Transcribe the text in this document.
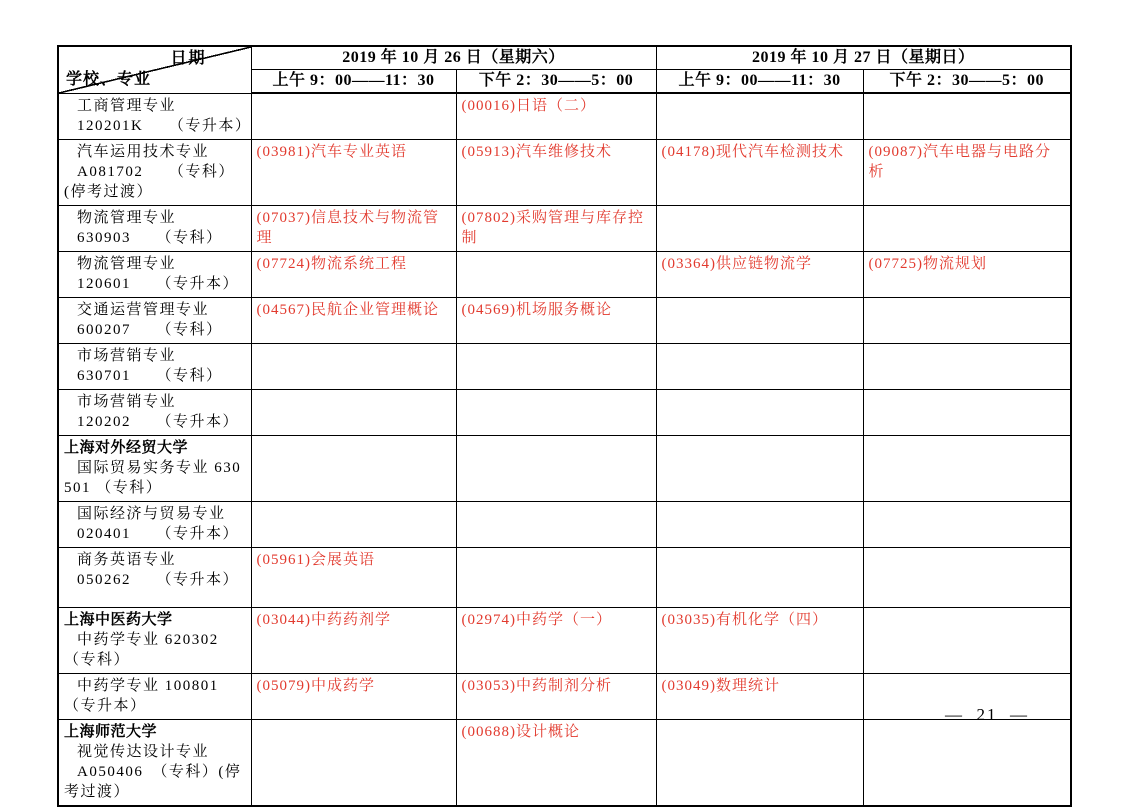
日期
学校、专业	2019 年 10 月 26 日（星期六）		2019 年 10 月 27 日（星期日）	
	上午 9：00——11：30	下午 2：30——5：00	上午 9：00——11：30	下午 2：30——5：00

工商管理专业

120201K　　（专升本）		(00016)日语（二）		

汽车运用技术专业

A081702　　（专科）(停考过渡）	(03981)汽车专业英语	(05913)汽车维修技术	(04178)现代汽车检测技术	(09087)汽车电器与电路分析

物流管理专业

630903　　（专科）	(07037)信息技术与物流管理	(07802)采购管理与库存控制		

物流管理专业

120601　　（专升本）	(07724)物流系统工程		(03364)供应链物流学	(07725)物流规划

交通运营管理专业

600207　　（专科）	(04567)民航企业管理概论	(04569)机场服务概论		

市场营销专业

630701　　（专科）				

市场营销专业

120202　　（专升本）				

上海对外经贸大学

国际贸易实务专业 630501 （专科）				

国际经济与贸易专业

020401　　（专升本）				

商务英语专业

050262　　（专升本）	(05961)会展英语			

上海中医药大学

中药学专业 620302 （专科）	(03044)中药药剂学	(02974)中药学（一）	(03035)有机化学（四）	

中药学专业 100801 （专升本）	(05079)中成药学	(03053)中药制剂分析	(03049)数理统计	

上海师范大学

视觉传达设计专业

A050406　（专科）(停考过渡）		(00688)设计概论		
—  21  —
